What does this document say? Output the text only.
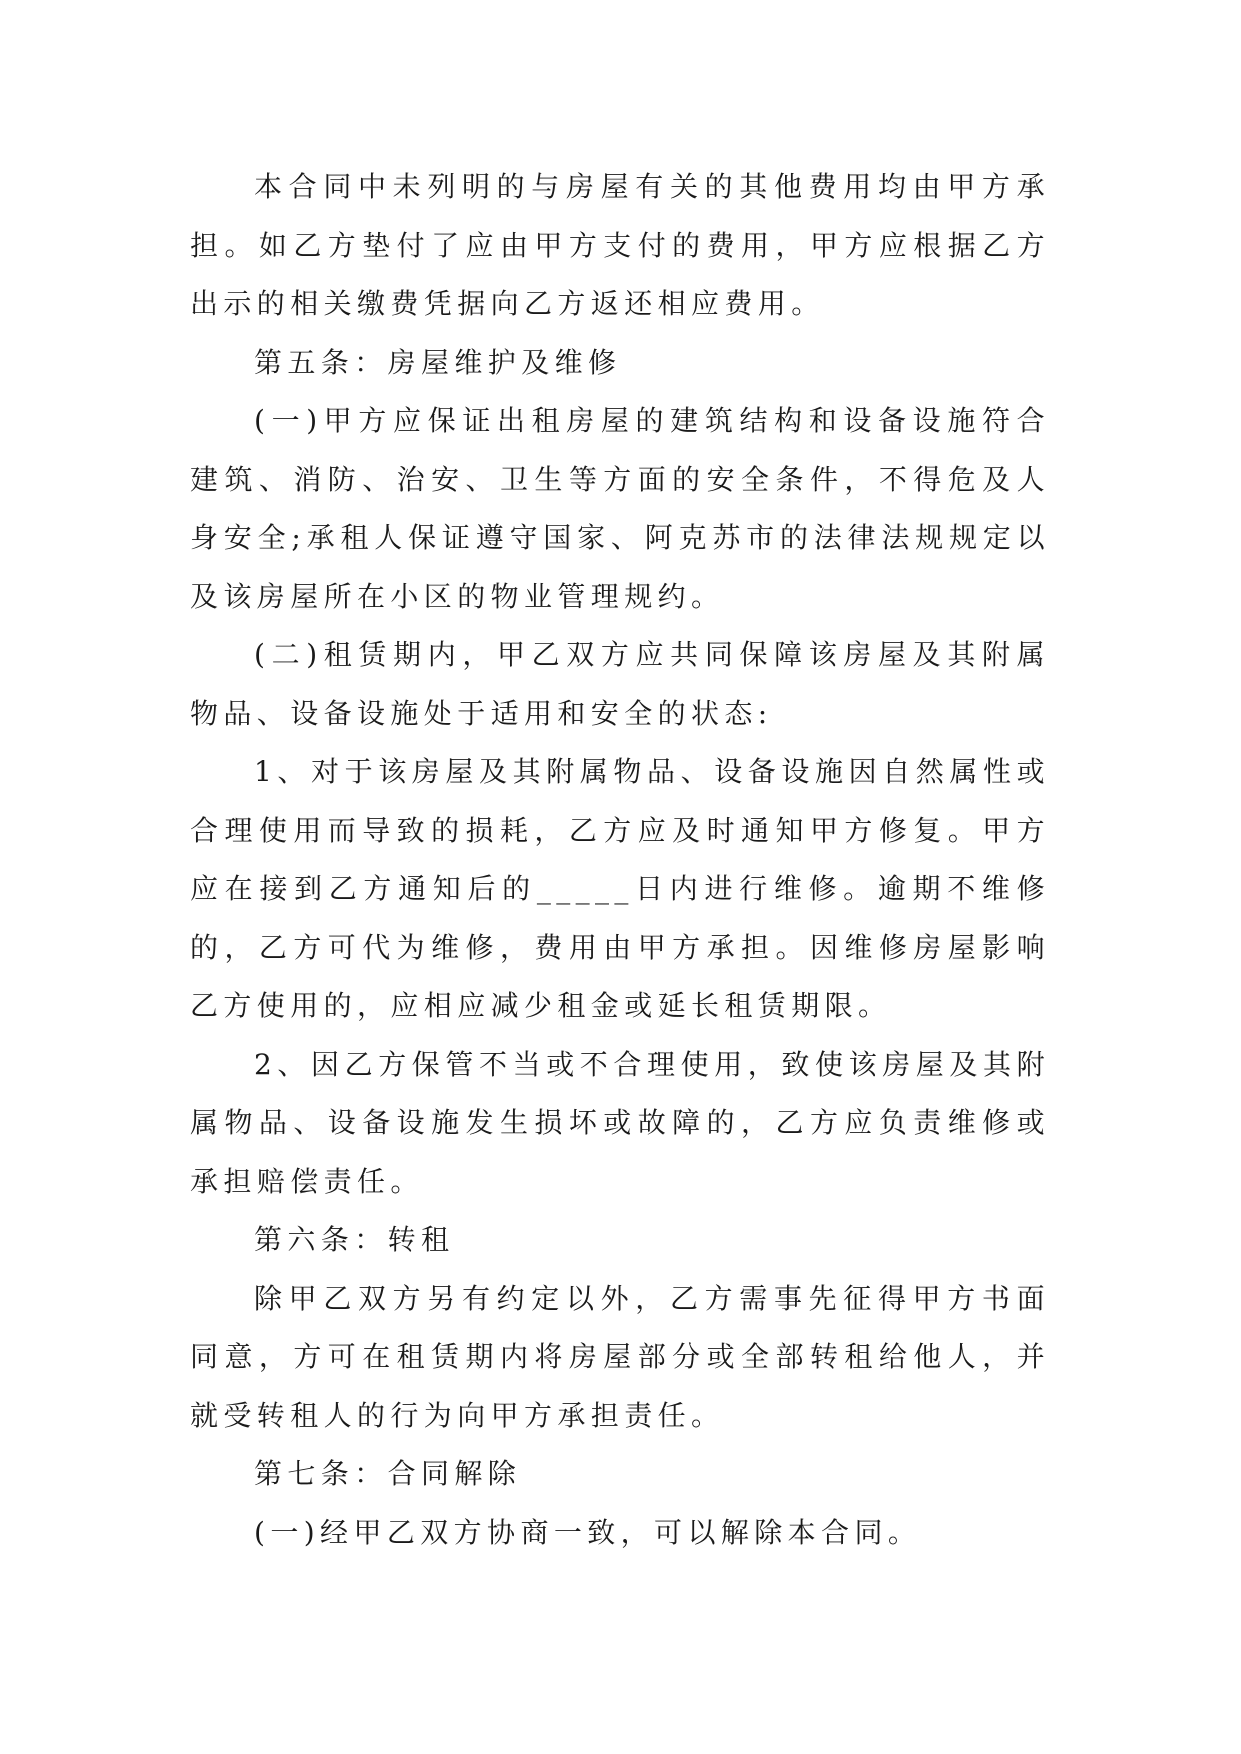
本合同中未列明的与房屋有关的其他费用均由甲方承担。如乙方垫付了应由甲方支付的费用，甲方应根据乙方出示的相关缴费凭据向乙方返还相应费用。

第五条：房屋维护及维修

(一)甲方应保证出租房屋的建筑结构和设备设施符合建筑、消防、治安、卫生等方面的安全条件，不得危及人身安全;承租人保证遵守国家、阿克苏市的法律法规规定以及该房屋所在小区的物业管理规约。

(二)租赁期内，甲乙双方应共同保障该房屋及其附属物品、设备设施处于适用和安全的状态:

1、对于该房屋及其附属物品、设备设施因自然属性或合理使用而导致的损耗，乙方应及时通知甲方修复。甲方应在接到乙方通知后的_____日内进行维修。逾期不维修的，乙方可代为维修，费用由甲方承担。因维修房屋影响乙方使用的，应相应减少租金或延长租赁期限。

2、因乙方保管不当或不合理使用，致使该房屋及其附属物品、设备设施发生损坏或故障的，乙方应负责维修或承担赔偿责任。

第六条：转租

除甲乙双方另有约定以外，乙方需事先征得甲方书面同意，方可在租赁期内将房屋部分或全部转租给他人，并就受转租人的行为向甲方承担责任。

第七条：合同解除

(一)经甲乙双方协商一致，可以解除本合同。
